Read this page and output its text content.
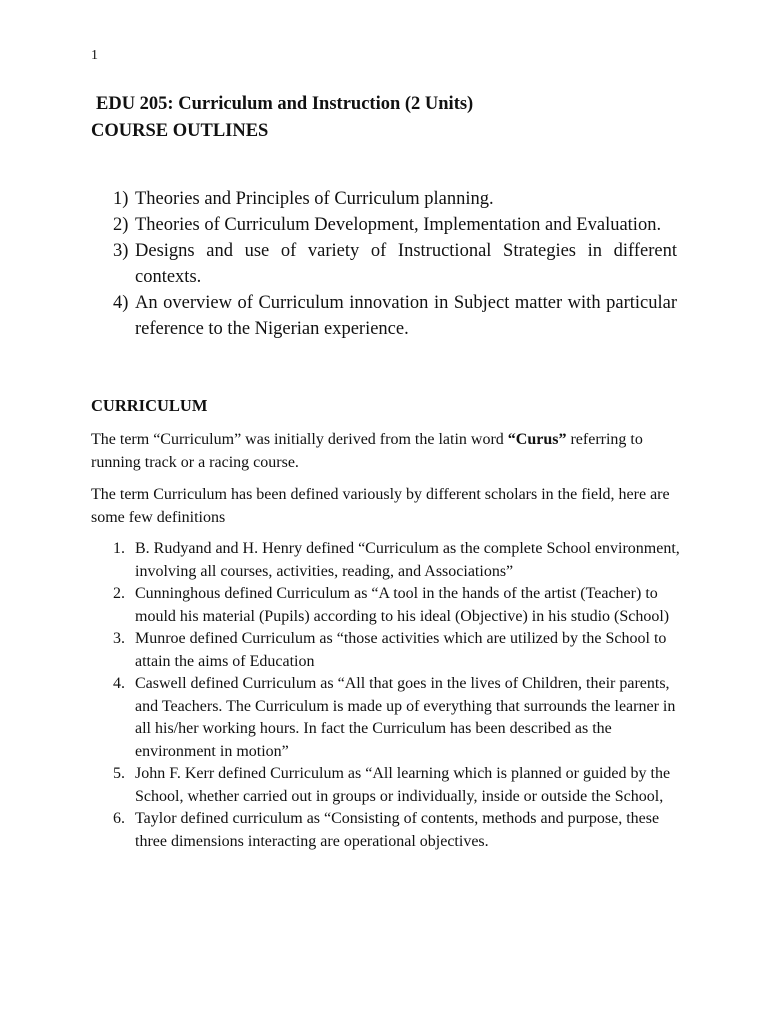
1
EDU 205: Curriculum and Instruction (2 Units)
COURSE OUTLINES
1) Theories and Principles of Curriculum planning.
2) Theories of Curriculum Development, Implementation and Evaluation.
3) Designs and use of variety of Instructional Strategies in different contexts.
4) An overview of Curriculum innovation in Subject matter with particular reference to the Nigerian experience.
CURRICULUM

The term “Curriculum” was initially derived from the latin word “Curus” referring to running track or a racing course.

The term Curriculum has been defined variously by different scholars in the field, here are some few definitions

1. B. Rudyand and H. Henry defined “Curriculum as the complete School environment, involving all courses, activities, reading, and Associations”
2. Cunninghous defined Curriculum as “A tool in the hands of the artist (Teacher) to mould his material (Pupils) according to his ideal (Objective) in his studio (School)
3. Munroe defined Curriculum as “those activities which are utilized by the School to attain the aims of Education
4. Caswell defined Curriculum as “All that goes in the lives of Children, their parents, and Teachers. The Curriculum is made up of everything that surrounds the learner in all his/her working hours. In fact the Curriculum has been described as the environment in motion”
5. John F. Kerr defined Curriculum as “All learning which is planned or guided by the School, whether carried out in groups or individually, inside or outside the School,
6. Taylor defined curriculum as “Consisting of contents, methods and purpose, these three dimensions interacting are operational objectives.
